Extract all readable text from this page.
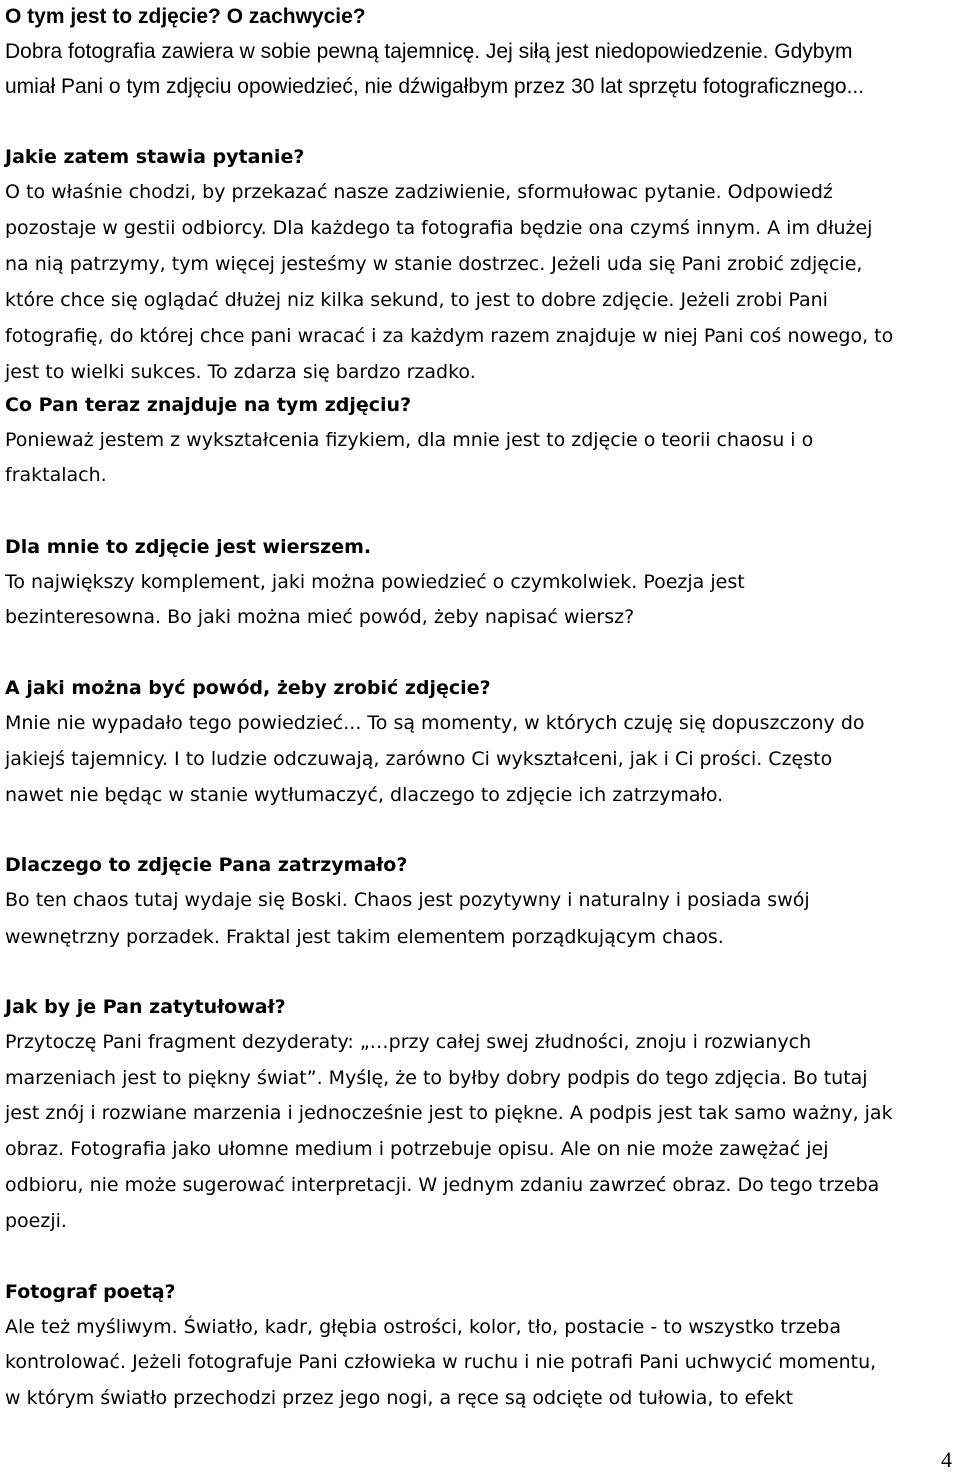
O tym jest to zdjęcie? O zachwycie?
Dobra fotografia zawiera w sobie pewną tajemnicę. Jej siłą jest niedopowiedzenie. Gdybym
umiał Pani o tym zdjęciu opowiedzieć, nie dźwigałbym przez 30 lat sprzętu fotograficznego...
Jakie zatem stawia pytanie?
O to właśnie chodzi, by przekazać nasze zadziwienie, sformułowac pytanie. Odpowiedź
pozostaje w gestii odbiorcy. Dla każdego ta fotografia będzie ona czymś innym. A im dłużej
na nią patrzymy, tym więcej jesteśmy w stanie dostrzec. Jeżeli uda się Pani zrobić zdjęcie,
które chce się oglądać dłużej niz kilka sekund, to jest to dobre zdjęcie. Jeżeli zrobi Pani
fotografię, do której chce pani wracać i za każdym razem znajduje w niej Pani coś nowego, to
jest to wielki sukces. To zdarza się bardzo rzadko.
Co Pan teraz znajduje na tym zdjęciu?
Ponieważ jestem z wykształcenia fizykiem, dla mnie jest to zdjęcie o teorii chaosu i o
fraktalach.
Dla mnie to zdjęcie jest wierszem.
To największy komplement, jaki można powiedzieć o czymkolwiek. Poezja jest
bezinteresowna. Bo jaki można mieć powód, żeby napisać wiersz?
A jaki można być powód, żeby zrobić zdjęcie?
Mnie nie wypadało tego powiedzieć... To są momenty, w których czuję się dopuszczony do
jakiejś tajemnicy. I to ludzie odczuwają, zarówno Ci wykształceni, jak i Ci prości. Często
nawet nie będąc w stanie wytłumaczyć, dlaczego to zdjęcie ich zatrzymało.
Dlaczego to zdjęcie Pana zatrzymało?
Bo ten chaos tutaj wydaje się Boski. Chaos jest pozytywny i naturalny i posiada swój
wewnętrzny porzadek. Fraktal jest takim elementem porządkującym chaos.
Jak by je Pan zatytułował?
Przytoczę Pani fragment dezyderaty: „…przy całej swej złudności, znoju i rozwianych
marzeniach jest to piękny świat”. Myślę, że to byłby dobry podpis do tego zdjęcia. Bo tutaj
jest znój i rozwiane marzenia i jednocześnie jest to piękne. A podpis jest tak samo ważny, jak
obraz. Fotografia jako ułomne medium i potrzebuje opisu. Ale on nie może zawężać jej
odbioru, nie może sugerować interpretacji. W jednym zdaniu zawrzeć obraz. Do tego trzeba
poezji.
Fotograf poetą?
Ale też myśliwym. Światło, kadr, głębia ostrości, kolor, tło, postacie - to wszystko trzeba
kontrolować. Jeżeli fotografuje Pani człowieka w ruchu i nie potrafi Pani uchwycić momentu,
w którym światło przechodzi przez jego nogi, a ręce są odcięte od tułowia, to efekt
4
